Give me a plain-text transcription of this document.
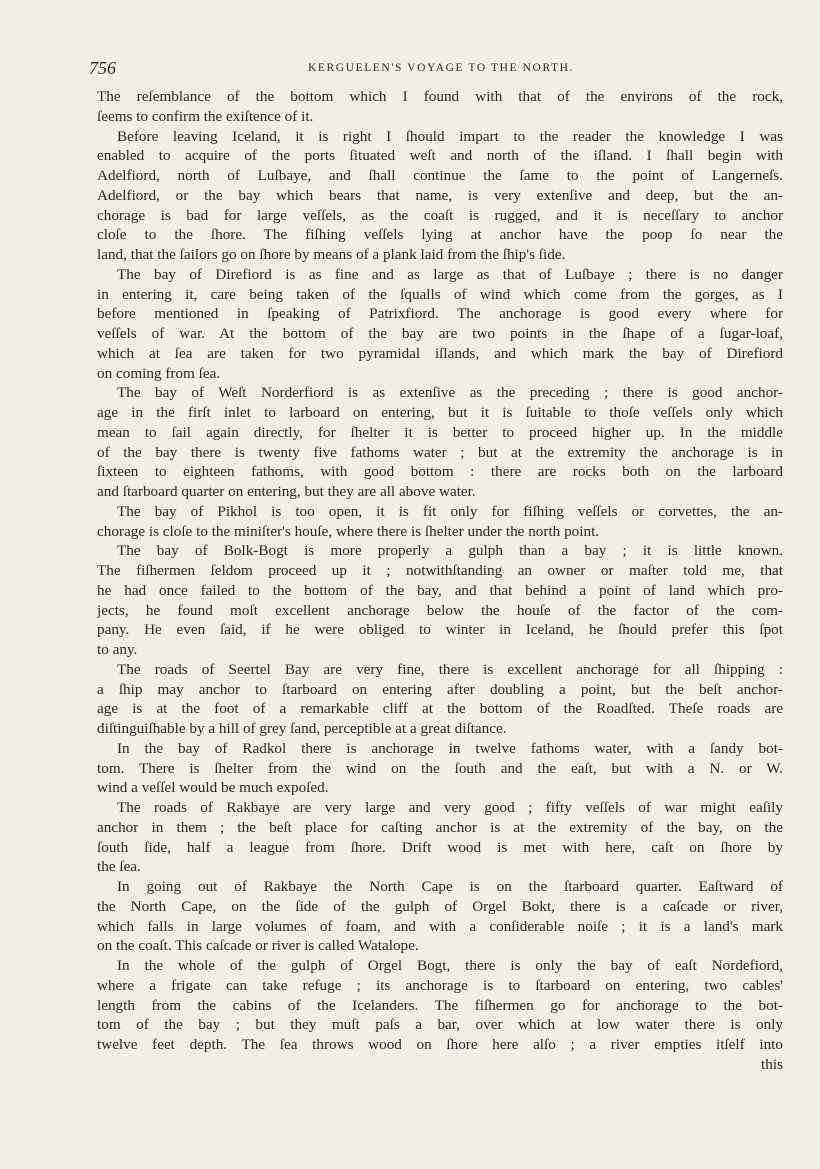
756	KERGUELEN'S VOYAGE TO THE NORTH.
The reſemblance of the bottom which I found with that of the environs of the rock,
ſeems to confirm the exiſtence of it.
Before leaving Iceland, it is right I ſhould impart to the reader the knowledge I was
enabled to acquire of the ports ſituated weſt and north of the iſland. I ſhall begin with
Adelfiord, north of Luſbaye, and ſhall continue the ſame to the point of Langerneſs.
Adelfiord, or the bay which bears that name, is very extenſive and deep, but the an-
chorage is bad for large veſſels, as the coaſt is rugged, and it is neceſſary to anchor
cloſe to the ſhore. The fiſhing veſſels lying at anchor have the poop ſo near the
land, that the ſailors go on ſhore by means of a plank laid from the ſhip's ſide.
The bay of Direfiord is as fine and as large as that of Luſbaye ; there is no danger
in entering it, care being taken of the ſqualls of wind which come from the gorges, as I
before mentioned in ſpeaking of Patrixfiord. The anchorage is good every where for
veſſels of war. At the bottom of the bay are two points in the ſhape of a ſugar-loaf,
which at ſea are taken for two pyramidal iſlands, and which mark the bay of Direfiord
on coming from ſea.
The bay of Weſt Norderfiord is as extenſive as the preceding ; there is good anchor-
age in the firſt inlet to larboard on entering, but it is ſuitable to thoſe veſſels only which
mean to ſail again directly, for ſhelter it is better to proceed higher up. In the middle
of the bay there is twenty five fathoms water ; but at the extremity the anchorage is in
ſixteen to eighteen fathoms, with good bottom : there are rocks both on the larboard
and ſtarboard quarter on entering, but they are all above water.
The bay of Pikhol is too open, it is fit only for fiſhing veſſels or corvettes, the an-
chorage is cloſe to the miniſter's houſe, where there is ſhelter under the north point.
The bay of Bolk-Bogt is more properly a gulph than a bay ; it is little known.
The fiſhermen ſeldom proceed up it ; notwithſtanding an owner or maſter told me, that
he had once failed to the bottom of the bay, and that behind a point of land which pro-
jects, he found moſt excellent anchorage below the houſe of the factor of the com-
pany. He even ſaid, if he were obliged to winter in Iceland, he ſhould prefer this ſpot
to any.
The roads of Seertel Bay are very fine, there is excellent anchorage for all ſhipping :
a ſhip may anchor to ſtarboard on entering after doubling a point, but the beſt anchor-
age is at the foot of a remarkable cliff at the bottom of the Roadſted. Theſe roads are
diſtinguiſhable by a hill of grey ſand, perceptible at a great diſtance.
In the bay of Radkol there is anchorage in twelve fathoms water, with a ſandy bot-
tom. There is ſhelter from the wind on the ſouth and the eaſt, but with a N. or W.
wind a veſſel would be much expoſed.
The roads of Rakbaye are very large and very good ; fifty veſſels of war might eaſily
anchor in them ; the beſt place for caſting anchor is at the extremity of the bay, on the
ſouth ſide, half a league from ſhore. Drift wood is met with here, caſt on ſhore by
the ſea.
In going out of Rakbaye the North Cape is on the ſtarboard quarter. Eaſtward of
the North Cape, on the ſide of the gulph of Orgel Bokt, there is a caſcade or river,
which falls in large volumes of foam, and with a conſiderable noiſe ; it is a land's mark
on the coaſt. This caſcade or river is called Watalope.
In the whole of the gulph of Orgel Bogt, there is only the bay of eaſt Nordefiord,
where a frigate can take refuge ; its anchorage is to ſtarboard on entering, two cables'
length from the cabins of the Icelanders. The fiſhermen go for anchorage to the bot-
tom of the bay ; but they muſt paſs a bar, over which at low water there is only
twelve feet depth. The ſea throws wood on ſhore here alſo ; a river empties itſelf into
this
